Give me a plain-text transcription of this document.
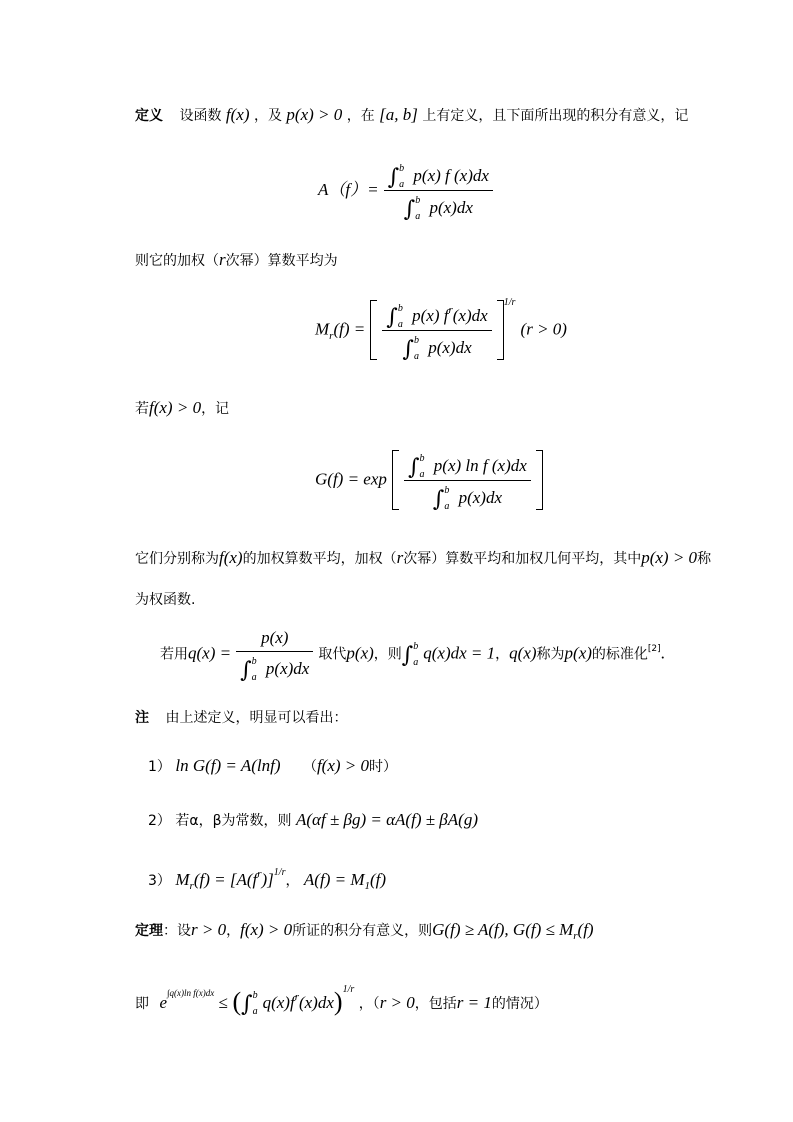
定义 设函数 f(x) ，及 p(x) > 0 ，在 [a, b] 上有定义，且下面所出现的积分有意义，记
$A(f)= \frac{\int^b_a p(x) f (x)dx}{\int^b_a p(x)dx}$
则它的加权（r次幂）算数平均为
$M_r(f) = \frac{\int^b_a p(x) f^r(x)dx}{\int^b_a p(x)dx} ^{1/r}$ (r > 0)
若f(x) > 0，记
$G(f) = \exp \frac{\int^b_a p(x) \ln f (x)dx}{\int^b_a p(x)dx}$

它们分别称为f(x)的加权算数平均，加权（r次幂）算数平均和加权几何平均，其中p(x) > 0称
为权函数.
若用$q(x) = \frac{p(x)}{\int^b_a p(x)dx}$ 取代p(x)，则∫$^b_a$ q(x)dx = 1，q(x)称为p(x)的标准化[2].
注 由上述定义，明显可以看出：
1） ln G(f) = A(lnf) （f(x) > 0时）
2） 若α，β为常数，则 A(αf ± βg) = αA(f) ± βA(g)
3） $M_r(f) = [A(f^r)]^{1/r}$， $A(f) = M_1(f)$
定理：设r > 0，f(x) > 0所证的积分有意义，则G(f) ≥ A(f), $G(f) \le M_r(f)$
即 $e^{\int q(x)ln f(x)dx} \le (\int^b_a$ $q(x)f^r(x)dx)^{1/r}$ ，（r > 0，包括r = 1的情况）
